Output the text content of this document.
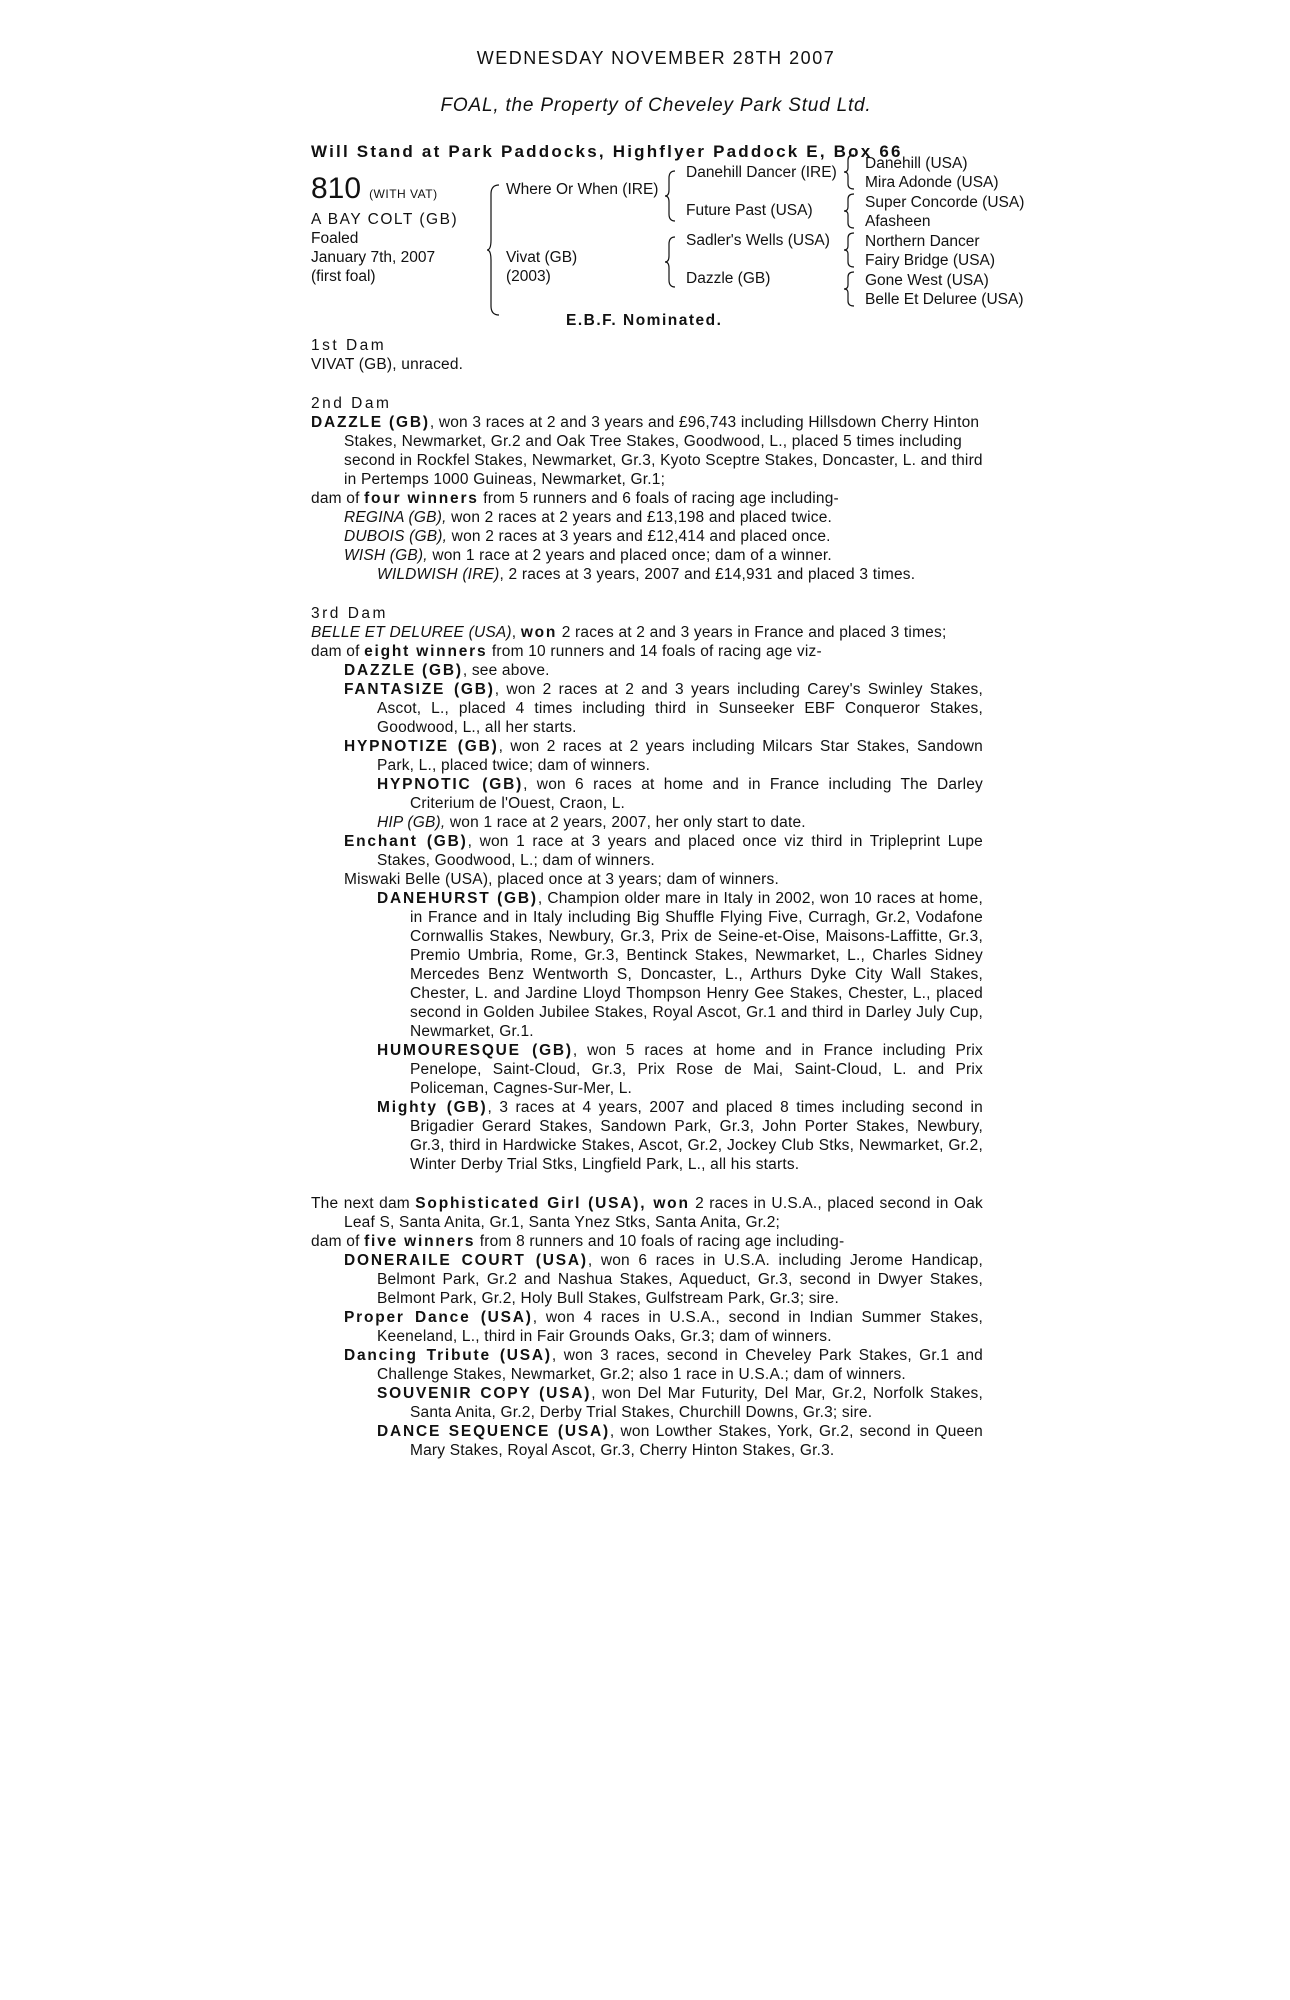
WEDNESDAY NOVEMBER 28TH 2007
FOAL, the Property of Cheveley Park Stud Ltd.
Will Stand at Park Paddocks, Highflyer Paddock E, Box 66
810 (WITH VAT)
A BAY COLT (GB)
Foaled
January 7th, 2007
(first foal)
Where Or When (IRE)
Vivat (GB)
(2003)
Danehill Dancer (IRE)
Future Past (USA)
Sadler's Wells (USA)
Dazzle (GB)
Danehill (USA)
Mira Adonde (USA)
Super Concorde (USA)
Afasheen
Northern Dancer
Fairy Bridge (USA)
Gone West (USA)
Belle Et Deluree (USA)
E.B.F. Nominated.
1st Dam
VIVAT (GB), unraced.
2nd Dam
DAZZLE (GB), won 3 races at 2 and 3 years and £96,743 including Hillsdown Cherry Hinton Stakes, Newmarket, Gr.2 and Oak Tree Stakes, Goodwood, L., placed 5 times including second in Rockfel Stakes, Newmarket, Gr.3, Kyoto Sceptre Stakes, Doncaster, L. and third in Pertemps 1000 Guineas, Newmarket, Gr.1;
dam of four winners from 5 runners and 6 foals of racing age including-
REGINA (GB), won 2 races at 2 years and £13,198 and placed twice.
DUBOIS (GB), won 2 races at 3 years and £12,414 and placed once.
WISH (GB), won 1 race at 2 years and placed once; dam of a winner.
WILDWISH (IRE), 2 races at 3 years, 2007 and £14,931 and placed 3 times.
3rd Dam
BELLE ET DELUREE (USA), won 2 races at 2 and 3 years in France and placed 3 times;
dam of eight winners from 10 runners and 14 foals of racing age viz-
DAZZLE (GB), see above.
FANTASIZE (GB), won 2 races at 2 and 3 years including Carey's Swinley Stakes, Ascot, L., placed 4 times including third in Sunseeker EBF Conqueror Stakes, Goodwood, L., all her starts.
HYPNOTIZE (GB), won 2 races at 2 years including Milcars Star Stakes, Sandown Park, L., placed twice; dam of winners.
HYPNOTIC (GB), won 6 races at home and in France including The Darley Criterium de l'Ouest, Craon, L.
HIP (GB), won 1 race at 2 years, 2007, her only start to date.
Enchant (GB), won 1 race at 3 years and placed once viz third in Tripleprint Lupe Stakes, Goodwood, L.; dam of winners.
Miswaki Belle (USA), placed once at 3 years; dam of winners.
DANEHURST (GB), Champion older mare in Italy in 2002, won 10 races at home, in France and in Italy including Big Shuffle Flying Five, Curragh, Gr.2, Vodafone Cornwallis Stakes, Newbury, Gr.3, Prix de Seine-et-Oise, Maisons-Laffitte, Gr.3, Premio Umbria, Rome, Gr.3, Bentinck Stakes, Newmarket, L., Charles Sidney Mercedes Benz Wentworth S, Doncaster, L., Arthurs Dyke City Wall Stakes, Chester, L. and Jardine Lloyd Thompson Henry Gee Stakes, Chester, L., placed second in Golden Jubilee Stakes, Royal Ascot, Gr.1 and third in Darley July Cup, Newmarket, Gr.1.
HUMOURESQUE (GB), won 5 races at home and in France including Prix Penelope, Saint-Cloud, Gr.3, Prix Rose de Mai, Saint-Cloud, L. and Prix Policeman, Cagnes-Sur-Mer, L.
Mighty (GB), 3 races at 4 years, 2007 and placed 8 times including second in Brigadier Gerard Stakes, Sandown Park, Gr.3, John Porter Stakes, Newbury, Gr.3, third in Hardwicke Stakes, Ascot, Gr.2, Jockey Club Stks, Newmarket, Gr.2, Winter Derby Trial Stks, Lingfield Park, L., all his starts.
The next dam Sophisticated Girl (USA), won 2 races in U.S.A., placed second in Oak Leaf S, Santa Anita, Gr.1, Santa Ynez Stks, Santa Anita, Gr.2;
dam of five winners from 8 runners and 10 foals of racing age including-
DONERAILE COURT (USA), won 6 races in U.S.A. including Jerome Handicap, Belmont Park, Gr.2 and Nashua Stakes, Aqueduct, Gr.3, second in Dwyer Stakes, Belmont Park, Gr.2, Holy Bull Stakes, Gulfstream Park, Gr.3; sire.
Proper Dance (USA), won 4 races in U.S.A., second in Indian Summer Stakes, Keeneland, L., third in Fair Grounds Oaks, Gr.3; dam of winners.
Dancing Tribute (USA), won 3 races, second in Cheveley Park Stakes, Gr.1 and Challenge Stakes, Newmarket, Gr.2; also 1 race in U.S.A.; dam of winners.
SOUVENIR COPY (USA), won Del Mar Futurity, Del Mar, Gr.2, Norfolk Stakes, Santa Anita, Gr.2, Derby Trial Stakes, Churchill Downs, Gr.3; sire.
DANCE SEQUENCE (USA), won Lowther Stakes, York, Gr.2, second in Queen Mary Stakes, Royal Ascot, Gr.3, Cherry Hinton Stakes, Gr.3.
